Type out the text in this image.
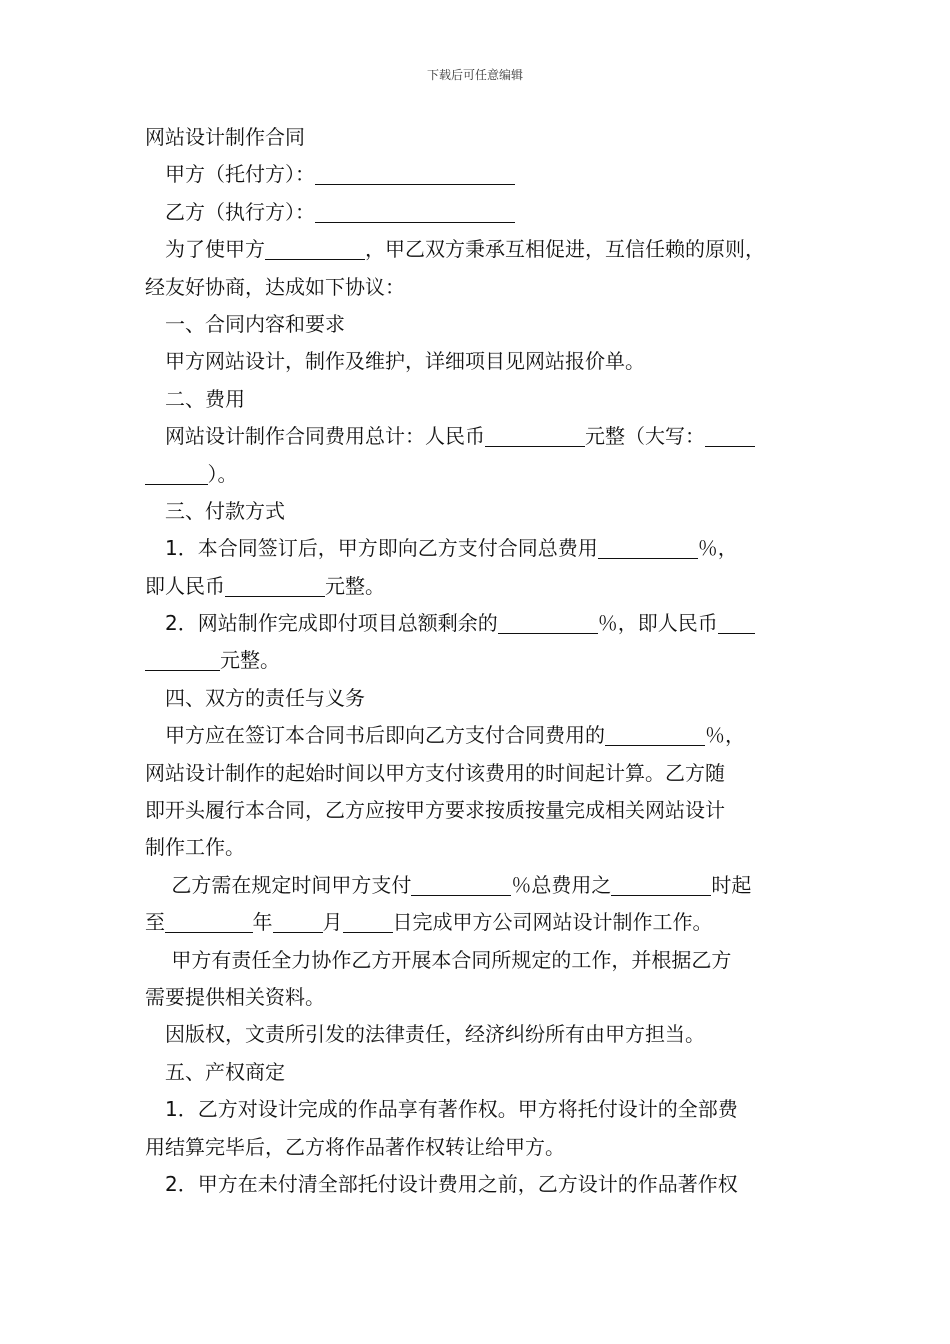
下载后可任意编辑
网站设计制作合同
甲方（托付方）：
乙方（执行方）：
为了使甲方	，甲乙双方秉承互相促进，互信任赖的原则，
经友好协商，达成如下协议：
一、合同内容和要求
甲方网站设计，制作及维护，详细项目见网站报价单。
二、费用
网站设计制作合同费用总计：人民币	元整（大写：
）。
三、付款方式
1．本合同签订后，甲方即向乙方支付合同总费用	％，
即人民币	元整。
2．网站制作完成即付项目总额剩余的	％，即人民币
元整。
四、双方的责任与义务
甲方应在签订本合同书后即向乙方支付合同费用的	％，
网站设计制作的起始时间以甲方支付该费用的时间起计算。乙方随
即开头履行本合同，乙方应按甲方要求按质按量完成相关网站设计
制作工作。
乙方需在规定时间甲方支付	％总费用之	时起
至	年	月	日完成甲方公司网站设计制作工作。
甲方有责任全力协作乙方开展本合同所规定的工作，并根据乙方
需要提供相关资料。
因版权，文责所引发的法律责任，经济纠纷所有由甲方担当。
五、产权商定
1．乙方对设计完成的作品享有著作权。甲方将托付设计的全部费
用结算完毕后，乙方将作品著作权转让给甲方。
2．甲方在未付清全部托付设计费用之前，乙方设计的作品著作权
